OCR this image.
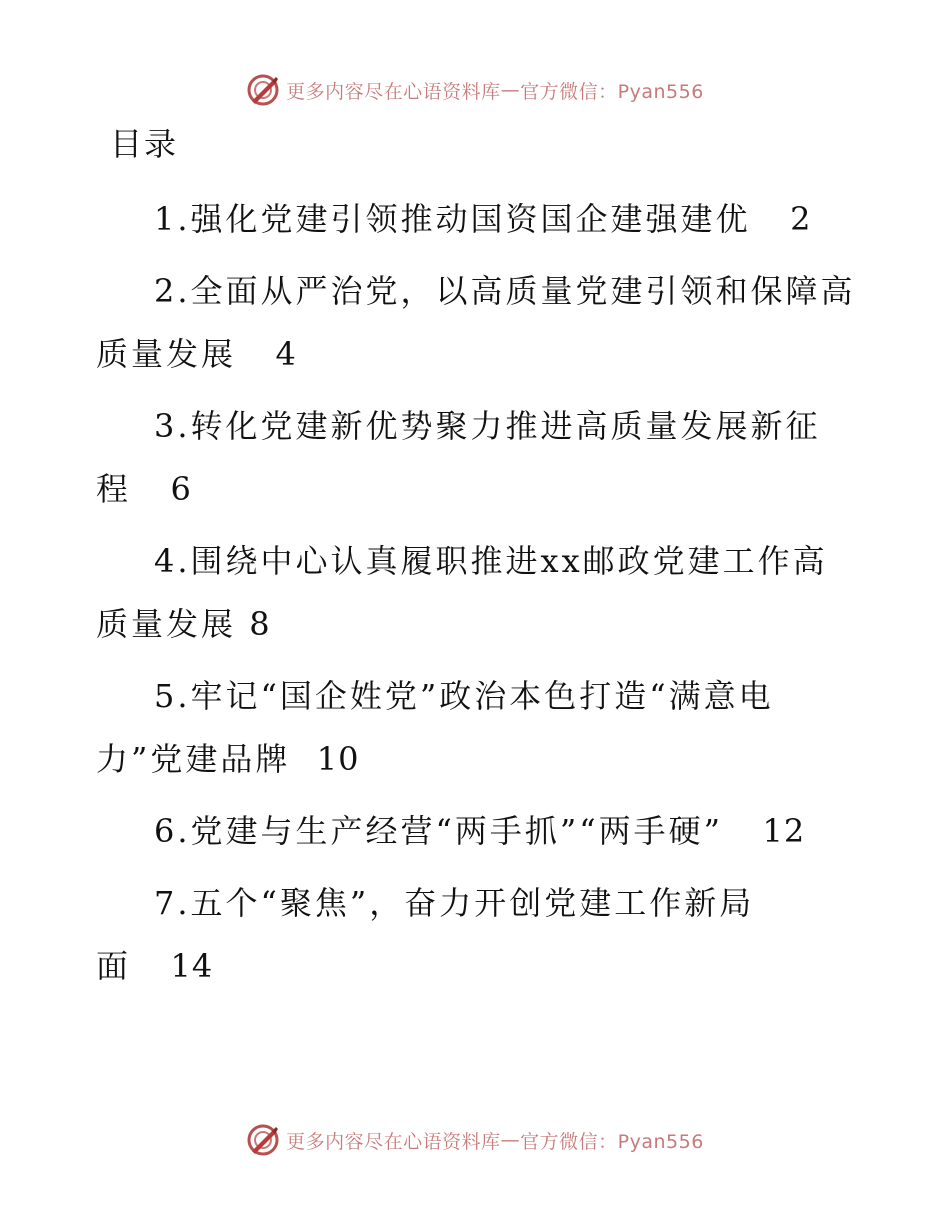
更多内容尽在心语资料库 — 官方微信：Pyan556
目录

1.强化党建引领推动国资国企建强建优 2

2.全面从严治党，以高质量党建引领和保障高质量发展 4

3.转化党建新优势聚力推进高质量发展新征程 6

4.围绕中心认真履职推进xx邮政党建工作高质量发展 8

5.牢记“国企姓党”政治本色打造“满意电力”党建品牌 10

6.党建与生产经营“两手抓”“两手硬” 12

7.五个“聚焦”，奋力开创党建工作新局面 14

更多内容尽在心语资料库 — 官方微信：Pyan556
